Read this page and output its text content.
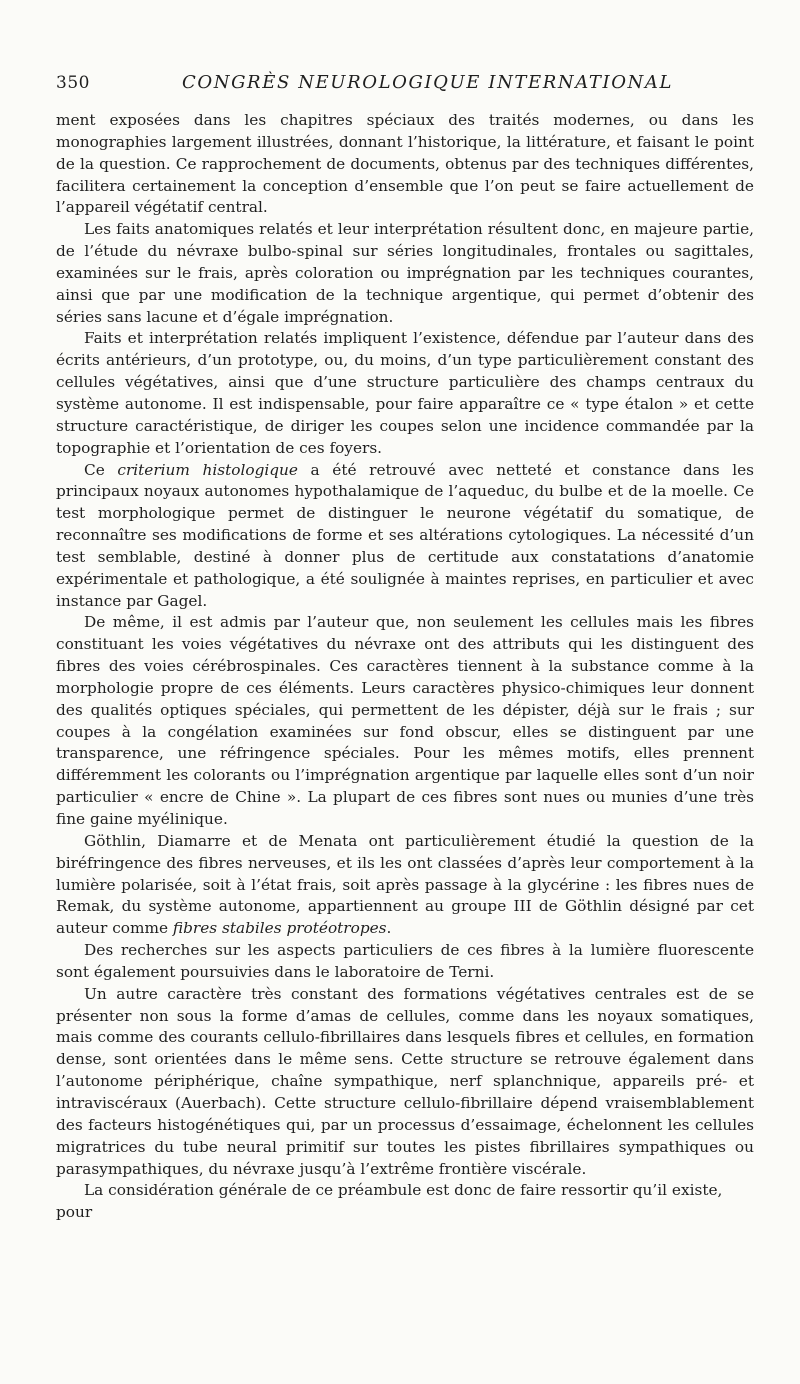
350	CONGRÈS NEUROLOGIQUE INTERNATIONAL

ment exposées dans les chapitres spéciaux des traités modernes, ou dans les monographies largement illustrées, donnant l’historique, la littérature, et faisant le point de la question. Ce rapprochement de documents, obtenus par des techniques différentes, facilitera certainement la conception d’ensemble que l’on peut se faire actuellement de l’appareil végétatif central.

Les faits anatomiques relatés et leur interprétation résultent donc, en majeure partie, de l’étude du névraxe bulbo-spinal sur séries longitudinales, frontales ou sagittales, examinées sur le frais, après coloration ou imprégnation par les techniques courantes, ainsi que par une modification de la technique argentique, qui permet d’obtenir des séries sans lacune et d’égale imprégnation.

Faits et interprétation relatés impliquent l’existence, défendue par l’auteur dans des écrits antérieurs, d’un prototype, ou, du moins, d’un type particulièrement constant des cellules végétatives, ainsi que d’une structure particulière des champs centraux du système autonome. Il est indispensable, pour faire apparaître ce « type étalon » et cette structure caractéristique, de diriger les coupes selon une incidence commandée par la topographie et l’orientation de ces foyers.

Ce criterium histologique a été retrouvé avec netteté et constance dans les principaux noyaux autonomes hypothalamique de l’aqueduc, du bulbe et de la moelle. Ce test morphologique permet de distinguer le neurone végétatif du somatique, de reconnaître ses modifications de forme et ses altérations cytologiques. La nécessité d’un test semblable, destiné à donner plus de certitude aux constatations d’anatomie expérimentale et pathologique, a été soulignée à maintes reprises, en particulier et avec instance par Gagel.

De même, il est admis par l’auteur que, non seulement les cellules mais les fibres constituant les voies végétatives du névraxe ont des attributs qui les distinguent des fibres des voies cérébrospinales. Ces caractères tiennent à la substance comme à la morphologie propre de ces éléments. Leurs caractères physico-chimiques leur donnent des qualités optiques spéciales, qui permettent de les dépister, déjà sur le frais ; sur coupes à la congélation examinées sur fond obscur, elles se distinguent par une transparence, une réfringence spéciales. Pour les mêmes motifs, elles prennent différemment les colorants ou l’imprégnation argentique par laquelle elles sont d’un noir particulier « encre de Chine ». La plupart de ces fibres sont nues ou munies d’une très fine gaine myélinique.

Göthlin, Diamarre et de Menata ont particulièrement étudié la question de la biréfringence des fibres nerveuses, et ils les ont classées d’après leur comportement à la lumière polarisée, soit à l’état frais, soit après passage à la glycérine : les fibres nues de Remak, du système autonome, appartiennent au groupe III de Göthlin désigné par cet auteur comme fibres stabiles protéotropes.

Des recherches sur les aspects particuliers de ces fibres à la lumière fluorescente sont également poursuivies dans le laboratoire de Terni.

Un autre caractère très constant des formations végétatives centrales est de se présenter non sous la forme d’amas de cellules, comme dans les noyaux somatiques, mais comme des courants cellulo-fibrillaires dans lesquels fibres et cellules, en formation dense, sont orientées dans le même sens. Cette structure se retrouve également dans l’autonome périphérique, chaîne sympathique, nerf splanchnique, appareils pré- et intraviscéraux (Auerbach). Cette structure cellulo-fibrillaire dépend vraisemblablement des facteurs histogénétiques qui, par un processus d’essaimage, échelonnent les cellules migratrices du tube neural primitif sur toutes les pistes fibrillaires sympathiques ou parasympathiques, du névraxe jusqu’à l’extrême frontière viscérale.

La considération générale de ce préambule est donc de faire ressortir qu’il existe, pour
